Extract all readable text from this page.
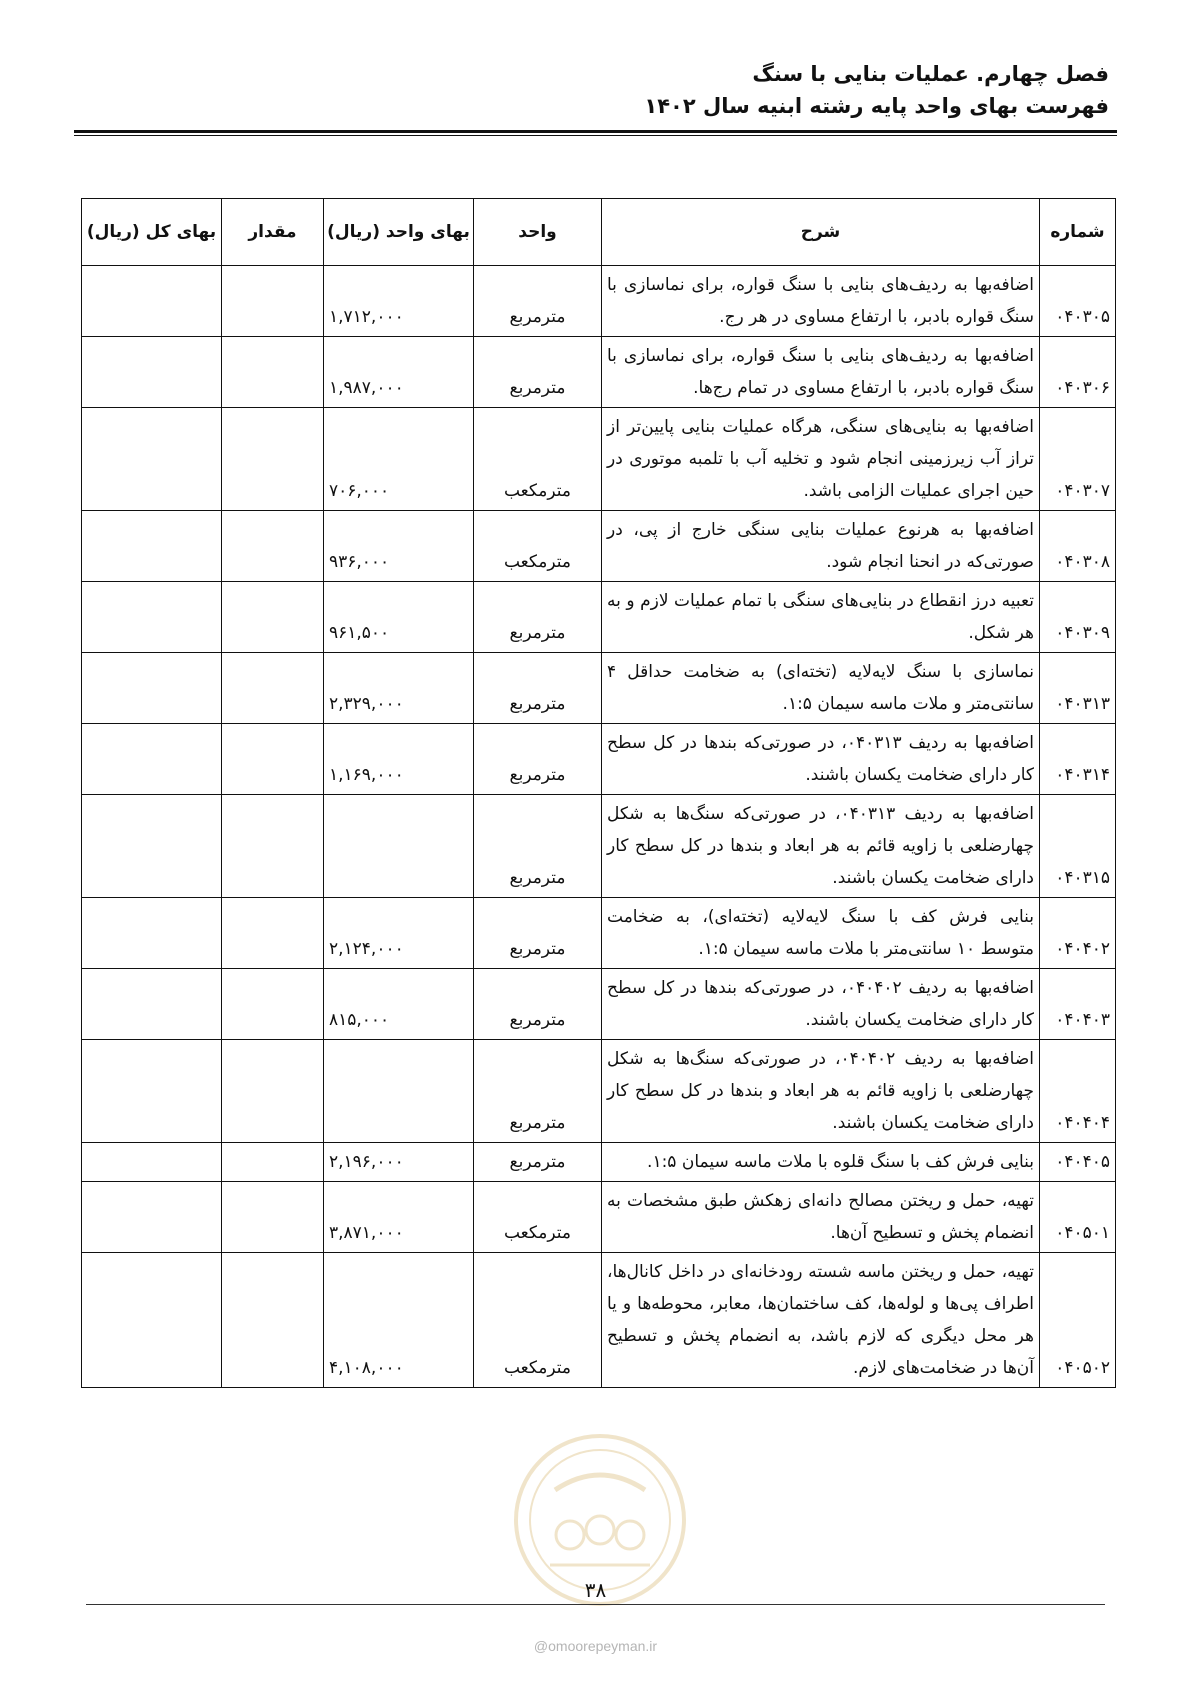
فصل چهارم. عملیات بنایی با سنگ
فهرست بهای واحد پایه رشته ابنیه سال ۱۴۰۲
شماره	شرح	واحد	بهای واحد (ریال)	مقدار	بهای کل (ریال)
۰۴۰۳۰۵	اضافه‌بها به ردیف‌های بنایی با سنگ قواره، برای نماسازی با سنگ قواره بادبر، با ارتفاع مساوی در هر رج.	مترمربع	۱,۷۱۲,۰۰۰		
۰۴۰۳۰۶	اضافه‌بها به ردیف‌های بنایی با سنگ قواره، برای نماسازی با سنگ قواره بادبر، با ارتفاع مساوی در تمام رج‌ها.	مترمربع	۱,۹۸۷,۰۰۰		
۰۴۰۳۰۷	اضافه‌بها به بنایی‌های سنگی، هرگاه عملیات بنایی پایین‌تر از تراز آب زیرزمینی انجام شود و تخلیه آب با تلمبه موتوری در حین اجرای عملیات الزامی باشد.	مترمکعب	۷۰۶,۰۰۰		
۰۴۰۳۰۸	اضافه‌بها به هرنوع عملیات بنایی سنگی خارج از پی، در صورتی‌که در انحنا انجام شود.	مترمکعب	۹۳۶,۰۰۰		
۰۴۰۳۰۹	تعبیه درز انقطاع در بنایی‌های سنگی با تمام عملیات لازم و به هر شکل.	مترمربع	۹۶۱,۵۰۰		
۰۴۰۳۱۳	نماسازی با سنگ لایه‌لایه (تخته‌ای) به ضخامت حداقل ۴ سانتی‌متر و ملات ماسه سیمان ۱:۵.	مترمربع	۲,۳۲۹,۰۰۰		
۰۴۰۳۱۴	اضافه‌بها به ردیف ۰۴۰۳۱۳، در صورتی‌که بندها در کل سطح کار دارای ضخامت یکسان باشند.	مترمربع	۱,۱۶۹,۰۰۰		
۰۴۰۳۱۵	اضافه‌بها به ردیف ۰۴۰۳۱۳، در صورتی‌که سنگ‌ها به شکل چهارضلعی با زاویه قائم به هر ابعاد و بندها در کل سطح کار دارای ضخامت یکسان باشند.	مترمربع			
۰۴۰۴۰۲	بنایی فرش کف با سنگ لایه‌لایه (تخته‌ای)، به ضخامت متوسط ۱۰ سانتی‌متر با ملات ماسه سیمان ۱:۵.	مترمربع	۲,۱۲۴,۰۰۰		
۰۴۰۴۰۳	اضافه‌بها به ردیف ۰۴۰۴۰۲، در صورتی‌که بندها در کل سطح کار دارای ضخامت یکسان باشند.	مترمربع	۸۱۵,۰۰۰		
۰۴۰۴۰۴	اضافه‌بها به ردیف ۰۴۰۴۰۲، در صورتی‌که سنگ‌ها به شکل چهارضلعی با زاویه قائم به هر ابعاد و بندها در کل سطح کار دارای ضخامت یکسان باشند.	مترمربع			
۰۴۰۴۰۵	بنایی فرش کف با سنگ قلوه با ملات ماسه سیمان ۱:۵.	مترمربع	۲,۱۹۶,۰۰۰		
۰۴۰۵۰۱	تهیه، حمل و ریختن مصالح دانه‌ای زهکش طبق مشخصات به انضمام پخش و تسطیح آن‌ها.	مترمکعب	۳,۸۷۱,۰۰۰		
۰۴۰۵۰۲	تهیه، حمل و ریختن ماسه شسته رودخانه‌ای در داخل کانال‌ها، اطراف پی‌ها و لوله‌ها، کف ساختمان‌ها، معابر، محوطه‌ها و یا هر محل دیگری که لازم باشد، به انضمام پخش و تسطیح آن‌ها در ضخامت‌های لازم.	مترمکعب	۴,۱۰۸,۰۰۰		
۳۸
@omoorepeyman.ir
